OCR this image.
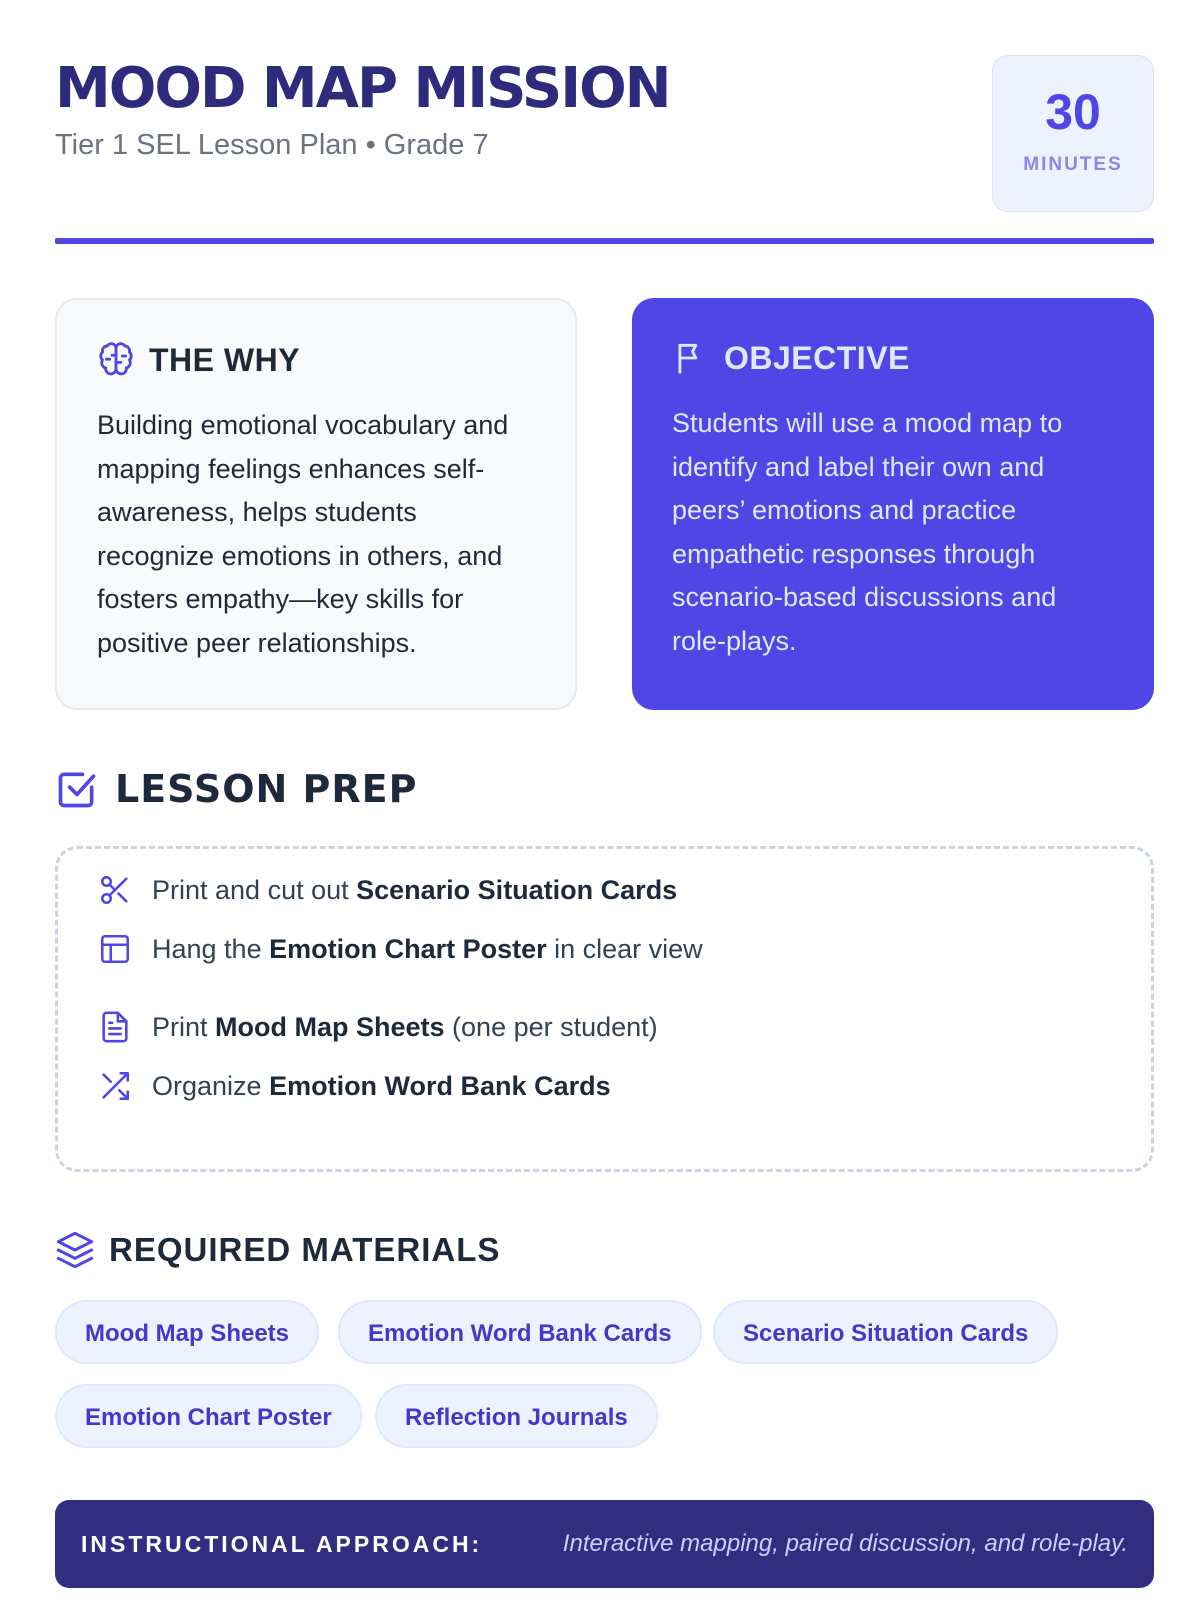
MOOD MAP MISSION
Tier 1 SEL Lesson Plan • Grade 7
30
MINUTES
THE WHY
Building emotional vocabulary and mapping feelings enhances self-awareness, helps students recognize emotions in others, and fosters empathy—key skills for positive peer relationships.
OBJECTIVE
Students will use a mood map to identify and label their own and peers’ emotions and practice empathetic responses through scenario-based discussions and role-plays.
LESSON PREP
Print and cut out Scenario Situation Cards
Hang the Emotion Chart Poster in clear view
Print Mood Map Sheets (one per student)
Organize Emotion Word Bank Cards
REQUIRED MATERIALS
Mood Map Sheets	Emotion Word Bank Cards	Scenario Situation Cards
Emotion Chart Poster	Reflection Journals
INSTRUCTIONAL APPROACH:	Interactive mapping, paired discussion, and role-play.
